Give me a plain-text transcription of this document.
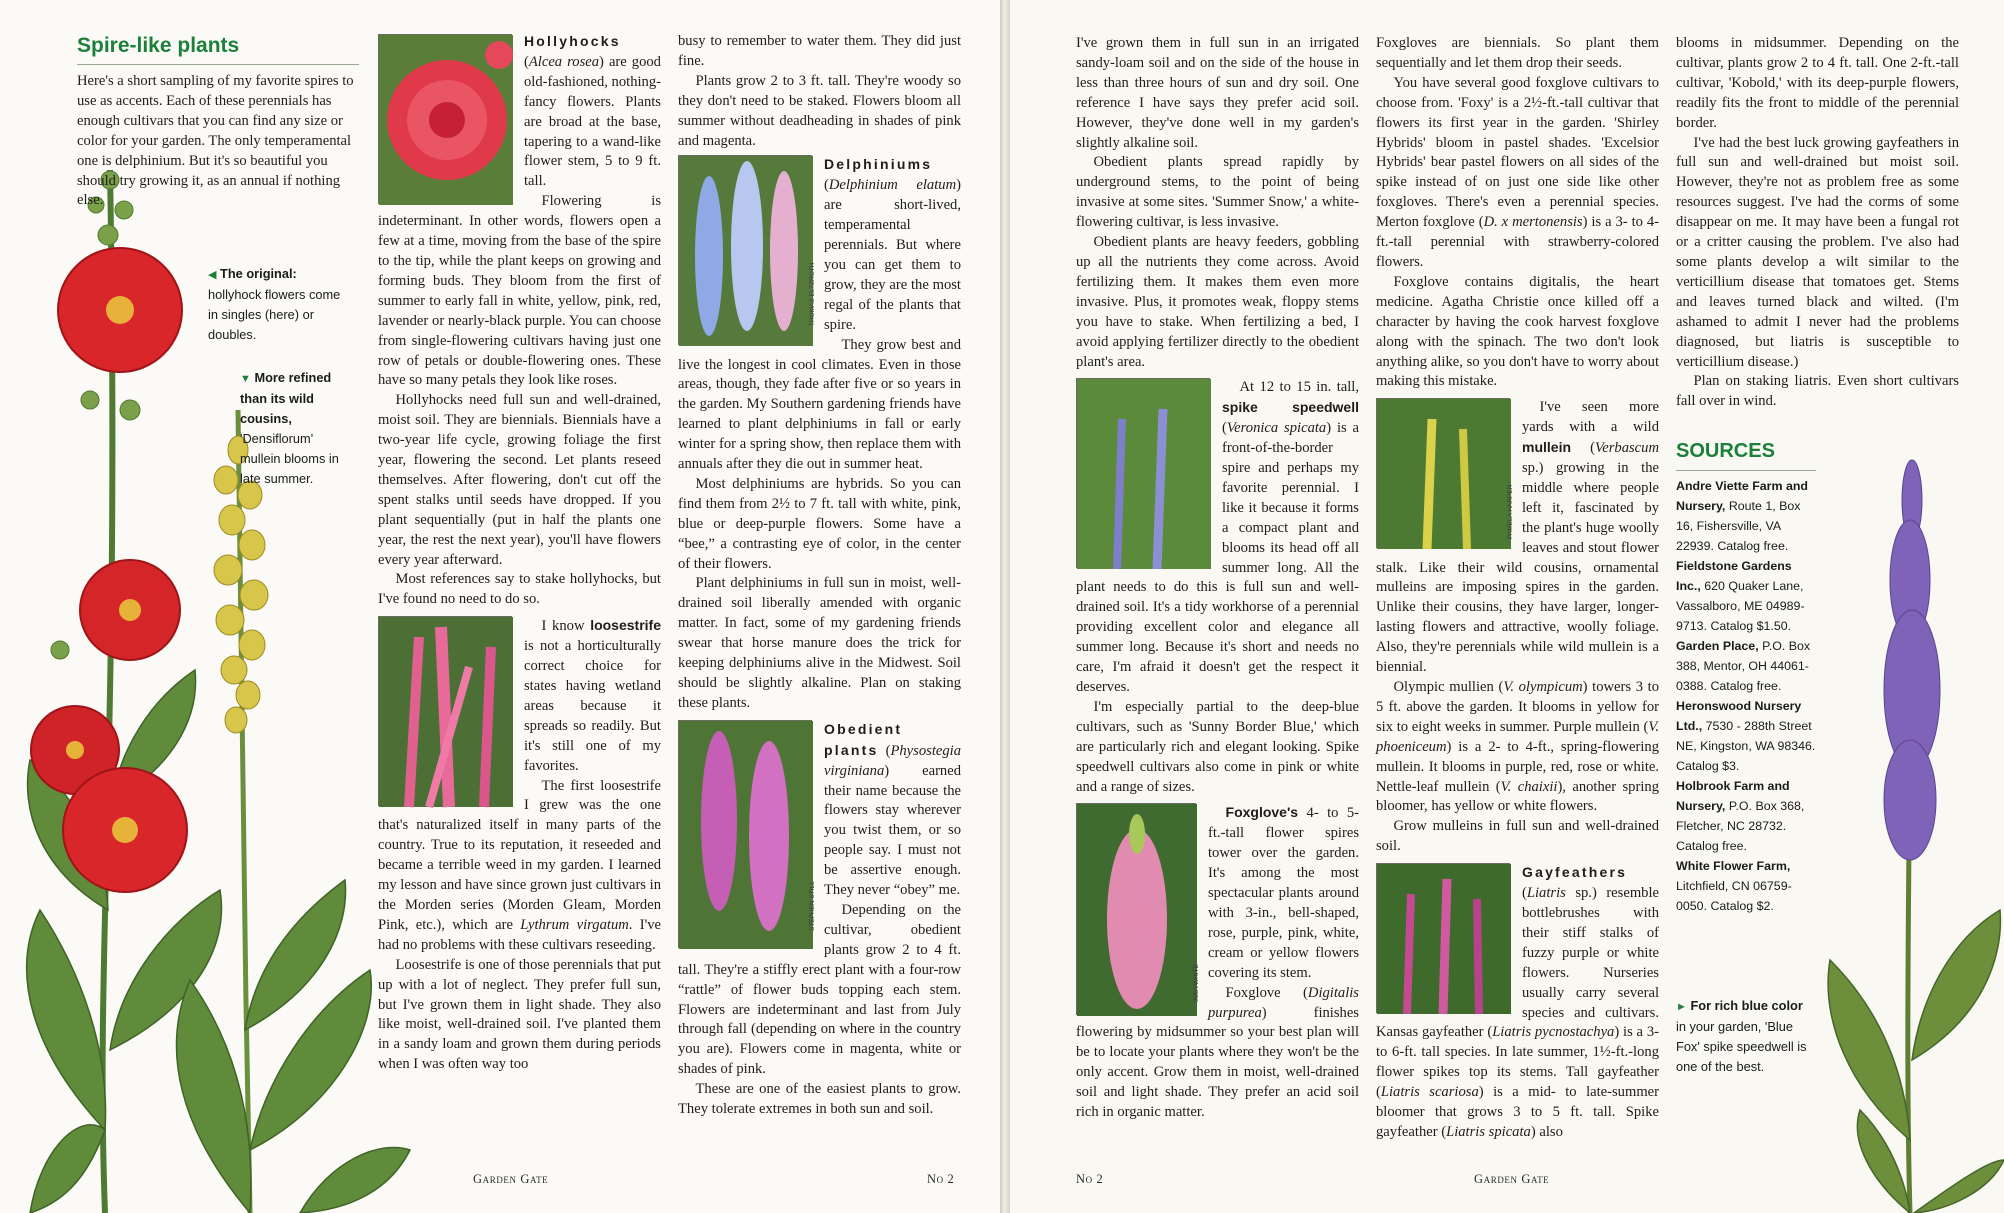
Spire-like plants

Here's a short sampling of my favorite spires to use as accents. Each of these perennials has enough cultivars that you can find any size or color for your garden. The only temperamental one is delphinium. But it's so beautiful you should try growing it, as an annual if nothing else.

◀ The original: hollyhock flowers come in singles (here) or doubles.
▼ More refined than its wild cousins, 'Densiflorum' mullein blooms in late summer.

Hollyhocks (Alcea rosea) are good old-fashioned, nothing-fancy flowers. Plants are broad at the base, tapering to a wand-like flower stem, 5 to 9 ft. tall.

Flowering is indeterminant. In other words, flowers open a few at a time, moving from the base of the spire to the tip, while the plant keeps on growing and forming buds. They bloom from the first of summer to early fall in white, yellow, pink, red, lavender or nearly-black purple. You can choose from single-flowering cultivars having just one row of petals or double-flowering ones. These have so many petals they look like roses.

Hollyhocks need full sun and well-drained, moist soil. They are biennials. Biennials have a two-year life cycle, growing foliage the first year, flowering the second. Let plants reseed themselves. After flowering, don't cut off the spent stalks until seeds have dropped. If you plant sequentially (put in half the plants one year, the rest the next year), you'll have flowers every year afterward.

Most references say to stake hollyhocks, but I've found no need to do so.

I know loosestrife is not a horticulturally correct choice for states having wetland areas because it spreads so readily. But it's still one of my favorites.

The first loosestrife I grew was the one that's naturalized itself in many parts of the country. True to its reputation, it reseeded and became a terrible weed in my garden. I learned my lesson and have since grown just cultivars in the Morden series (Morden Gleam, Morden Pink, etc.), which are Lythrum virgatum. I've had no problems with these cultivars reseeding.

Loosestrife is one of those perennials that put up with a lot of neglect. They prefer full sun, but I've grown them in light shade. They also like moist, well-drained soil. I've planted them in a sandy loam and grown them during periods when I was often way too

busy to remember to water them. They did just fine.

Plants grow 2 to 3 ft. tall. They're woody so they don't need to be staked. Flowers bloom all summer without deadheading in shades of pink and magenta.

THOMAS ELTZROTH

Delphiniums (Delphinium elatum) are short-lived, temperamental perennials. But where you can get them to grow, they are the most regal of the plants that spire.

They grow best and live the longest in cool climates. Even in those areas, though, they fade after five or so years in the garden. My Southern gardening friends have learned to plant delphiniums in fall or early winter for a spring show, then replace them with annuals after they die out in summer heat.

Most delphiniums are hybrids. So you can find them from 2½ to 7 ft. tall with white, pink, blue or deep-purple flowers. Some have a “bee,” a contrasting eye of color, in the center of their flowers.

Plant delphiniums in full sun in moist, well-drained soil liberally amended with organic matter. In fact, some of my gardening friends swear that horse manure does the trick for keeping delphiniums alive in the Midwest. Soil should be slightly alkaline. Plan on staking these plants.

STEPHEN STILL

Obedient plants (Physostegia virginiana) earned their name because the flowers stay wherever you twist them, or so people say. I must not be assertive enough. They never “obey” me.

Depending on the cultivar, obedient plants grow 2 to 4 ft. tall. They're a stiffly erect plant with a four-row “rattle” of flower buds topping each stem. Flowers are indeterminant and last from July through fall (depending on where in the country you are). Flowers come in magenta, white or shades of pink.

These are one of the easiest plants to grow. They tolerate extremes in both sun and soil.

Garden Gate	No 2

I've grown them in full sun in an irrigated sandy-loam soil and on the side of the house in less than three hours of sun and dry soil. One reference I have says they prefer acid soil. However, they've done well in my garden's slightly alkaline soil.

Obedient plants spread rapidly by underground stems, to the point of being invasive at some sites. 'Summer Snow,' a white-flowering cultivar, is less invasive.

Obedient plants are heavy feeders, gobbling up all the nutrients they come across. Avoid fertilizing them. It makes them even more invasive. Plus, it promotes weak, floppy stems you have to stake. When fertilizing a bed, I avoid applying fertilizer directly to the obedient plant's area.

At 12 to 15 in. tall, spike speedwell (Veronica spicata) is a front-of-the-border spire and perhaps my favorite perennial. I like it because it forms a compact plant and blooms its head off all summer long. All the plant needs to do this is full sun and well-drained soil. It's a tidy workhorse of a perennial providing excellent color and elegance all summer long. Because it's short and needs no care, I'm afraid it doesn't get the respect it deserves.

I'm especially partial to the deep-blue cultivars, such as 'Sunny Border Blue,' which are particularly rich and elegant looking. Spike speedwell cultivars also come in pink or white and a range of sizes.

JUDYWHITE

Foxglove's 4- to 5-ft.-tall flower spires tower over the garden. It's among the most spectacular plants around with 3-in., bell-shaped, rose, purple, pink, white, cream or yellow flowers covering its stem.

Foxglove (Digitalis purpurea) finishes flowering by midsummer so your best plan will be to locate your plants where they won't be the only accent. Grow them in moist, well-drained soil and light shade. They prefer an acid soil rich in organic matter.

Foxgloves are biennials. So plant them sequentially and let them drop their seeds.

You have several good foxglove cultivars to choose from. 'Foxy' is a 2½-ft.-tall cultivar that flowers its first year in the garden. 'Shirley Hybrids' bloom in pastel shades. 'Excelsior Hybrids' bear pastel flowers on all sides of the spike instead of on just one side like other foxgloves. There's even a perennial species. Merton foxglove (D. x mertonensis) is a 3- to 4-ft.-tall perennial with strawberry-colored flowers.

Foxglove contains digitalis, the heart medicine. Agatha Christie once killed off a character by having the cook harvest foxglove along with the spinach. The two don't look anything alike, so you don't have to worry about making this mistake.

PAMELA HARPER

I've seen more yards with a wild mullein (Verbascum sp.) growing in the middle where people left it, fascinated by the plant's huge woolly leaves and stout flower stalk. Like their wild cousins, ornamental mulleins are imposing spires in the garden. Unlike their cousins, they have larger, longer-lasting flowers and attractive, woolly foliage. Also, they're perennials while wild mullein is a biennial.

Olympic mullien (V. olympicum) towers 3 to 5 ft. above the garden. It blooms in yellow for six to eight weeks in summer. Purple mullein (V. phoeniceum) is a 2- to 4-ft., spring-flowering mullein. It blooms in purple, red, rose or white. Nettle-leaf mullein (V. chaixii), another spring bloomer, has yellow or white flowers.

Grow mulleins in full sun and well-drained soil.

Gayfeathers (Liatris sp.) resemble bottlebrushes with their stiff stalks of fuzzy purple or white flowers. Nurseries usually carry several species and cultivars. Kansas gayfeather (Liatris pycnostachya) is a 3- to 6-ft. tall species. In late summer, 1½-ft.-long flower spikes top its stems. Tall gayfeather (Liatris scariosa) is a mid- to late-summer bloomer that grows 3 to 5 ft. tall. Spike gayfeather (Liatris spicata) also

blooms in midsummer. Depending on the cultivar, plants grow 2 to 4 ft. tall. One 2-ft.-tall cultivar, 'Kobold,' with its deep-purple flowers, readily fits the front to middle of the perennial border.

I've had the best luck growing gayfeathers in full sun and well-drained but moist soil. However, they're not as problem free as some resources suggest. I've had the corms of some disappear on me. It may have been a fungal rot or a critter causing the problem. I've also had some plants develop a wilt similar to the verticillium disease that tomatoes get. Stems and leaves turned black and wilted. (I'm ashamed to admit I never had the problems diagnosed, but liatris is susceptible to verticillium disease.)

Plan on staking liatris. Even short cultivars fall over in wind.

SOURCES
Andre Viette Farm and Nursery, Route 1, Box 16, Fishersville, VA 22939. Catalog free.
Fieldstone Gardens Inc., 620 Quaker Lane, Vassalboro, ME 04989-9713. Catalog $1.50.
Garden Place, P.O. Box 388, Mentor, OH 44061-0388. Catalog free.
Heronswood Nursery Ltd., 7530 - 288th Street NE, Kingston, WA 98346. Catalog $3.
Holbrook Farm and Nursery, P.O. Box 368, Fletcher, NC 28732. Catalog free.
White Flower Farm, Litchfield, CN 06759-0050. Catalog $2.
► For rich blue color in your garden, 'Blue Fox' spike speedwell is one of the best.
No 2	Garden Gate
